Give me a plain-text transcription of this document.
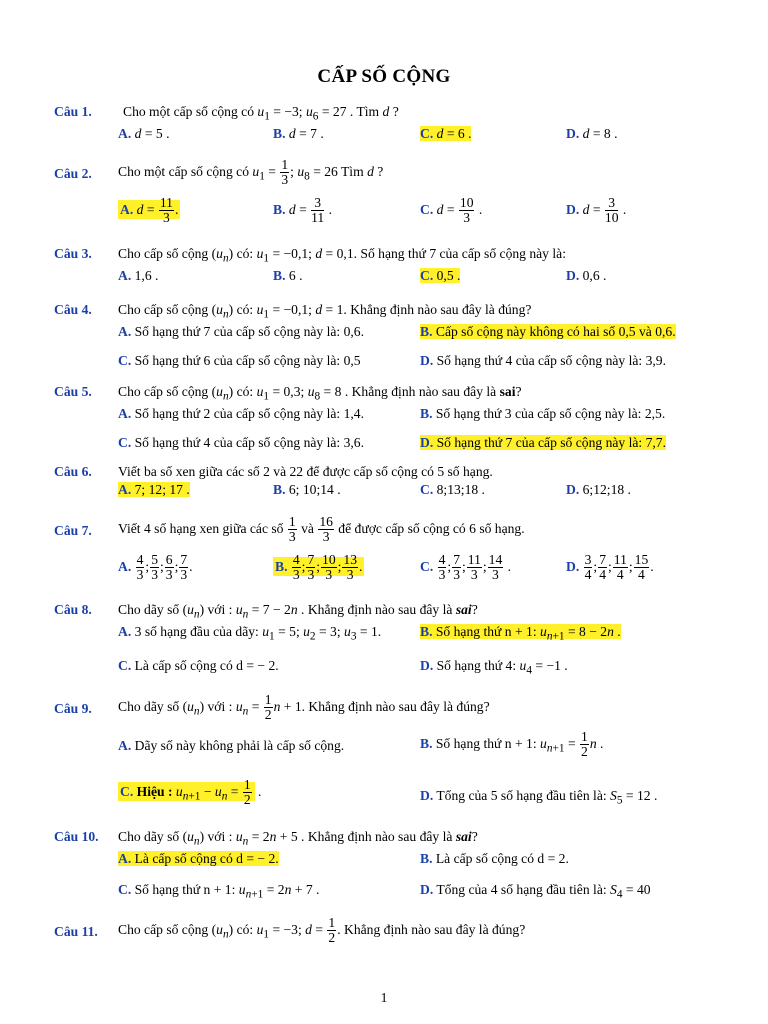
CẤP SỐ CỘNG
Câu 1. Cho một cấp số cộng có $u_1 = -3$; $u_6 = 27$ . Tìm d ?
A. d = 5 .	B. d = 7 .	C. d = 6 .	D. d = 8 .
Câu 2. Cho một cấp số cộng có $u_1 = \frac{1}{3}$ ; $u_8 = 26$ Tìm d ?
A. $d = \frac{11}{3}$ .	B. $d = \frac{3}{11}$ .	C. $d = \frac{10}{3}$ .	D. $d = \frac{3}{10}$ .
Câu 3. Cho cấp số cộng $(u_n)$ có: $u_1 = -0,1$; d = 0,1. Số hạng thứ 7 của cấp số cộng này là:
A. 1,6 .	B. 6 .	C. 0,5 .	D. 0,6 .
Câu 4. Cho cấp số cộng $(u_n)$ có: $u_1 = -0,1$; d = 1. Khẳng định nào sau đây là đúng?
A. Số hạng thứ 7 của cấp số cộng này là: 0,6.	B. Cấp số cộng này không có hai số 0,5 và 0,6.
C. Số hạng thứ 6 của cấp số cộng này là: 0,5	D. Số hạng thứ 4 của cấp số cộng này là: 3,9.
Câu 5. Cho cấp số cộng $(u_n)$ có: $u_1 = 0,3$; $u_8 = 8$ . Khẳng định nào sau đây là sai?
A. Số hạng thứ 2 của cấp số cộng này là: 1,4.	B. Số hạng thứ 3 của cấp số cộng này là: 2,5.
C. Số hạng thứ 4 của cấp số cộng này là: 3,6.	D. Số hạng thứ 7 của cấp số cộng này là: 7,7.
Câu 6. Viết ba số xen giữa các số 2 và 22 để được cấp số cộng có 5 số hạng.
A. 7; 12; 17 .	B. 6; 10;14 .	C. 8;13;18 .	D. 6;12;18 .
Câu 7. Viết 4 số hạng xen giữa các số $\frac{1}{3}$ và $\frac{16}{3}$ để được cấp số cộng có 6 số hạng.
A. $\frac{4}{3}$ ; $\frac{5}{3}$ ; $\frac{6}{3}$ ; $\frac{7}{3}$ .	B. $\frac{4}{3}$ ; $\frac{7}{3}$ ; $\frac{10}{3}$ ; $\frac{13}{3}$ .	C. $\frac{4}{3}$ ; $\frac{7}{3}$ ; $\frac{11}{3}$ ; $\frac{14}{3}$ .	D. $\frac{3}{4}$ ; $\frac{7}{4}$ ; $\frac{11}{4}$ ; $\frac{15}{4}$ .
Câu 8. Cho dãy số $(u_n)$ với : $u_n = 7 - 2n$ . Khẳng định nào sau đây là sai?
A. 3 số hạng đầu của dãy: $u_1 = 5$; $u_2 = 3$; $u_3 = 1$.	B. Số hạng thứ n + 1: $u_{n+1} = 8 - 2n$ .
C. Là cấp số cộng có d = − 2.	D. Số hạng thứ 4: $u_4 = -1$ .
Câu 9. Cho dãy số $(u_n)$ với : $u_n = \frac{1}{2}$ n + 1. Khẳng định nào sau đây là đúng?
A. Dãy số này không phải là cấp số cộng.	B. Số hạng thứ n + 1: $u_{n+1} = \frac{1}{2}$ n .
C. Hiệu : $u_{n+1} - u_n = \frac{1}{2}$ .	D. Tổng của 5 số hạng đầu tiên là: $S_5 = 12$ .
Câu 10. Cho dãy số $(u_n)$ với : $u_n = 2n + 5$ . Khẳng định nào sau đây là sai?
A. Là cấp số cộng có d = − 2.	B. Là cấp số cộng có d = 2.
C. Số hạng thứ n + 1: $u_{n+1} = 2n + 7$ .	D. Tổng của 4 số hạng đầu tiên là: $S_4 = 40$
Câu 11. Cho cấp số cộng $(u_n)$ có: $u_1 = -3$; $d = \frac{1}{2}$ . Khẳng định nào sau đây là đúng?
1
